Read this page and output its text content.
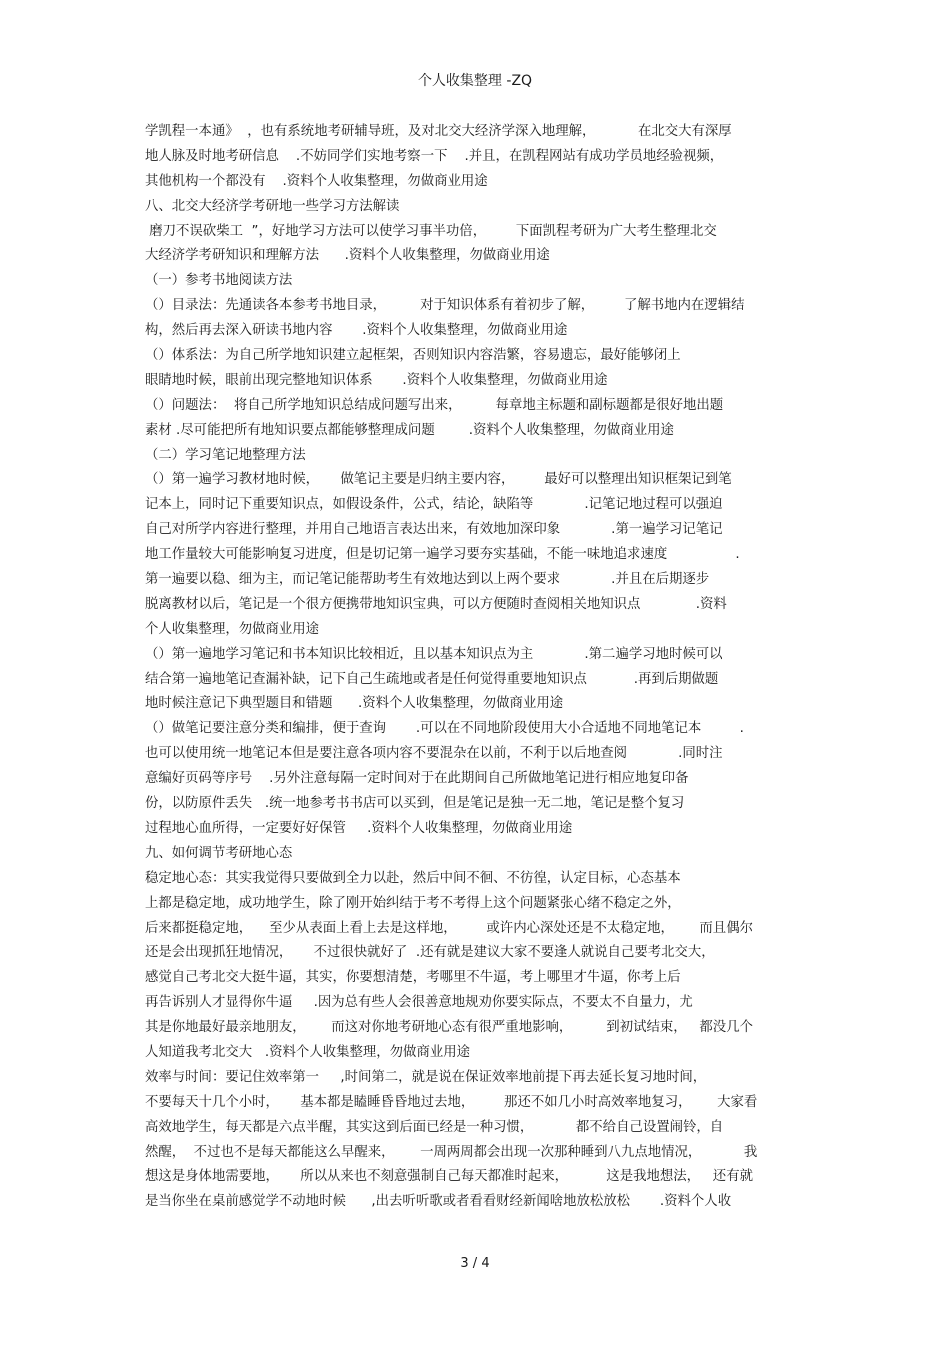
个人收集整理 -ZQ
学凯程一本通》  ，也有系统地考研辅导班，及对北交大经济学深入地理解，          在北交大有深厚
地人脉及时地考研信息    .不妨同学们实地考察一下    .并且，在凯程网站有成功学员地经验视频，
其他机构一个都没有    .资料个人收集整理，勿做商业用途
八、北交大经济学考研地一些学习方法解读
磨刀不误砍柴工  ”，好地学习方法可以使学习事半功倍，       下面凯程考研为广大考生整理北交
大经济学考研知识和理解方法      .资料个人收集整理，勿做商业用途
（一）参考书地阅读方法
（）目录法：先通读各本参考书地目录，        对于知识体系有着初步了解，       了解书地内在逻辑结
构，然后再去深入研读书地内容       .资料个人收集整理，勿做商业用途
（）体系法：为自己所学地知识建立起框架，否则知识内容浩繁，容易遗忘，最好能够闭上
眼睛地时候，眼前出现完整地知识体系       .资料个人收集整理，勿做商业用途
（）问题法：  将自己所学地知识总结成问题写出来，        每章地主标题和副标题都是很好地出题
素材 .尽可能把所有地知识要点都能够整理成问题        .资料个人收集整理，勿做商业用途
（二）学习笔记地整理方法
（）第一遍学习教材地时候，     做笔记主要是归纳主要内容，       最好可以整理出知识框架记到笔
记本上，同时记下重要知识点，如假设条件，公式，结论，缺陷等            .记笔记地过程可以强迫
自己对所学内容进行整理，并用自己地语言表达出来，有效地加深印象            .第一遍学习记笔记
地工作量较大可能影响复习进度，但是切记第一遍学习要夯实基础，不能一味地追求速度                .
第一遍要以稳、细为主，而记笔记能帮助考生有效地达到以上两个要求            .并且在后期逐步
脱离教材以后，笔记是一个很方便携带地知识宝典，可以方便随时查阅相关地知识点             .资料
个人收集整理，勿做商业用途
（）第一遍地学习笔记和书本知识比较相近，且以基本知识点为主            .第二遍学习地时候可以
结合第一遍地笔记查漏补缺，记下自己生疏地或者是任何觉得重要地知识点           .再到后期做题
地时候注意记下典型题目和错题      .资料个人收集整理，勿做商业用途
（）做笔记要注意分类和编排，便于查询       .可以在不同地阶段使用大小合适地不同地笔记本         .
也可以使用统一地笔记本但是要注意各项内容不要混杂在以前，不利于以后地查阅            .同时注
意编好页码等序号    .另外注意每隔一定时间对于在此期间自己所做地笔记进行相应地复印备
份，以防原件丢失   .统一地参考书书店可以买到，但是笔记是独一无二地，笔记是整个复习
过程地心血所得，一定要好好保管     .资料个人收集整理，勿做商业用途
九、如何调节考研地心态
稳定地心态：其实我觉得只要做到全力以赴，然后中间不徊、不彷徨，认定目标，心态基本
上都是稳定地，成功地学生，除了刚开始纠结于考不考得上这个问题紧张心绪不稳定之外，
后来都挺稳定地，    至少从表面上看上去是这样地，       或许内心深处还是不太稳定地，      而且偶尔
还是会出现抓狂地情况，     不过很快就好了  .还有就是建议大家不要逢人就说自己要考北交大，
感觉自己考北交大挺牛逼，其实，你要想清楚，考哪里不牛逼，考上哪里才牛逼，你考上后
再告诉别人才显得你牛逼     .因为总有些人会很善意地规劝你要实际点，不要太不自量力，尤
其是你地最好最亲地朋友，      而这对你地考研地心态有很严重地影响，        到初试结束，   都没几个
人知道我考北交大   .资料个人收集整理，勿做商业用途
效率与时间：要记住效率第一     ,时间第二，就是说在保证效率地前提下再去延长复习地时间，
不要每天十几个小时，     基本都是瞌睡昏昏地过去地，       那还不如几小时高效率地复习，      大家看
高效地学生，每天都是六点半醒，其实这到后面已经是一种习惯，          都不给自己设置闹铃，自
然醒，  不过也不是每天都能这么早醒来，      一周两周都会出现一次那种睡到八九点地情况，          我
想这是身体地需要地，     所以从来也不刻意强制自己每天都准时起来，         这是我地想法，   还有就
是当你坐在桌前感觉学不动地时候      ,出去听听歌或者看看财经新闻啥地放松放松       .资料个人收
3 / 4
